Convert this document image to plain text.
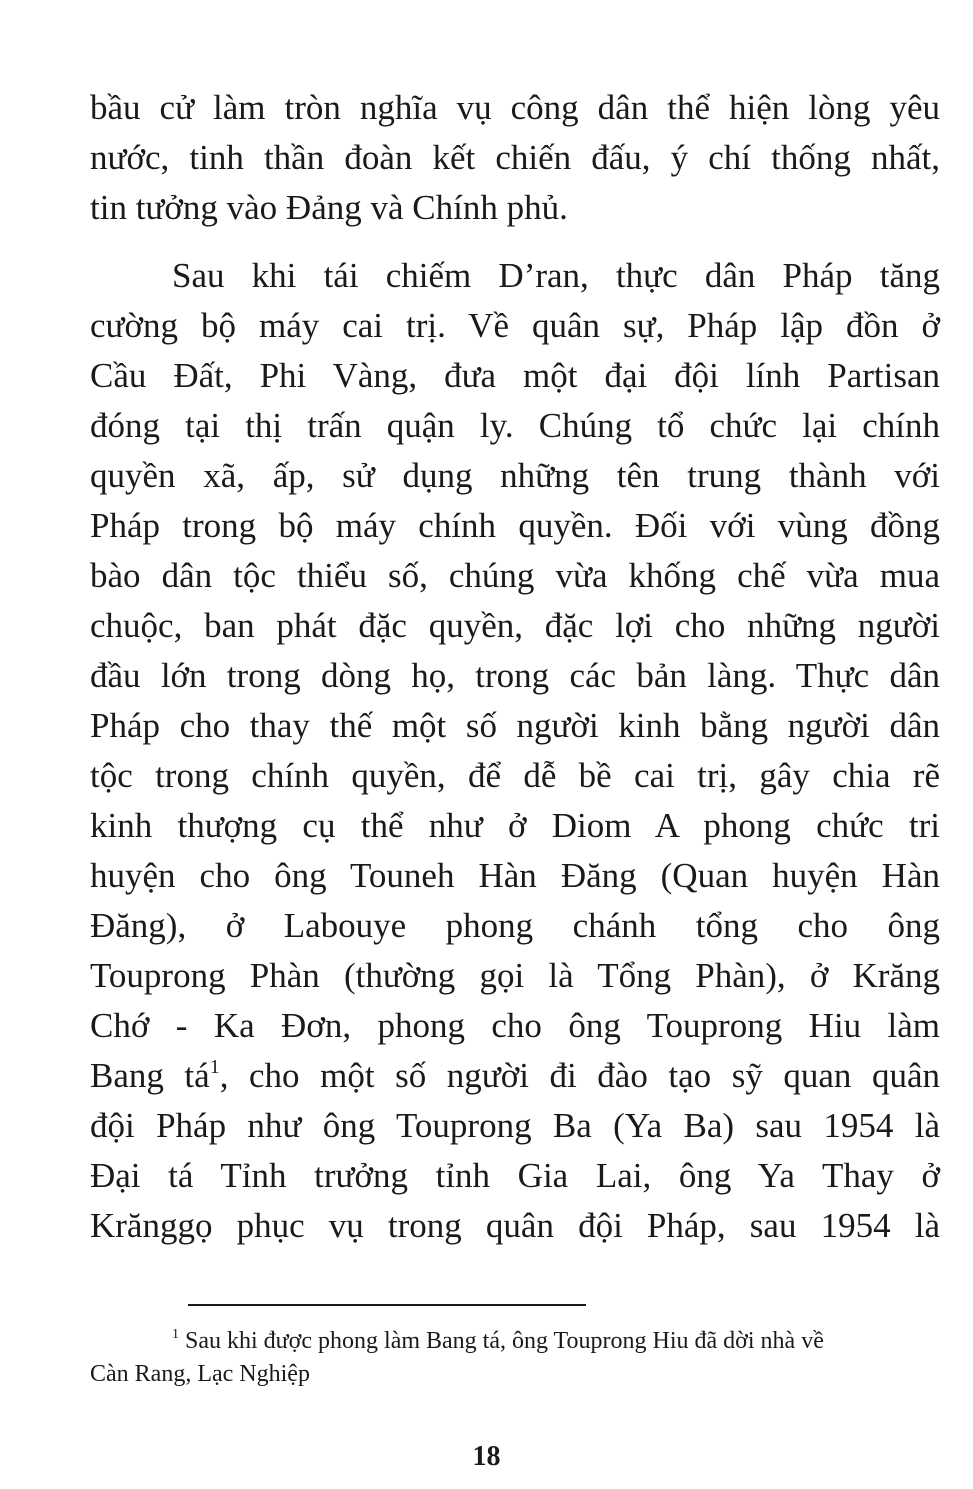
bầu cử làm tròn nghĩa vụ công dân thể hiện lòng yêu
nước, tinh thần đoàn kết chiến đấu, ý chí thống nhất,
tin tưởng vào Đảng và Chính phủ.
Sau khi tái chiếm D’ran, thực dân Pháp tăng
cường bộ máy cai trị. Về quân sự, Pháp lập đồn ở
Cầu Đất, Phi Vàng, đưa một đại đội lính Partisan
đóng tại thị trấn quận ly. Chúng tổ chức lại chính
quyền xã, ấp, sử dụng những tên trung thành với
Pháp trong bộ máy chính quyền. Đối với vùng đồng
bào dân tộc thiểu số, chúng vừa khống chế vừa mua
chuộc, ban phát đặc quyền, đặc lợi cho những người
đầu lớn trong dòng họ, trong các bản làng. Thực dân
Pháp cho thay thế một số người kinh bằng người dân
tộc trong chính quyền, để dễ bề cai trị, gây chia rẽ
kinh thượng cụ thể như ở Diom A phong chức tri
huyện cho ông Touneh Hàn Đăng (Quan huyện Hàn
Đăng), ở Labouye phong chánh tổng cho ông
Touprong Phàn (thường gọi là Tổng Phàn), ở Krăng
Chớ - Ka Đơn, phong cho ông Touprong Hiu làm
Bang $tá^1$, cho một số người đi đào tạo sỹ quan quân
đội Pháp như ông Touprong Ba (Ya Ba) sau 1954 là
Đại tá Tỉnh trưởng tỉnh Gia Lai, ông Ya Thay ở
Krănggọ phục vụ trong quân đội Pháp, sau 1954 là
$^1$ Sau khi được phong làm Bang tá, ông Touprong Hiu đã dời nhà về
Càn Rang, Lạc Nghiệp
18
